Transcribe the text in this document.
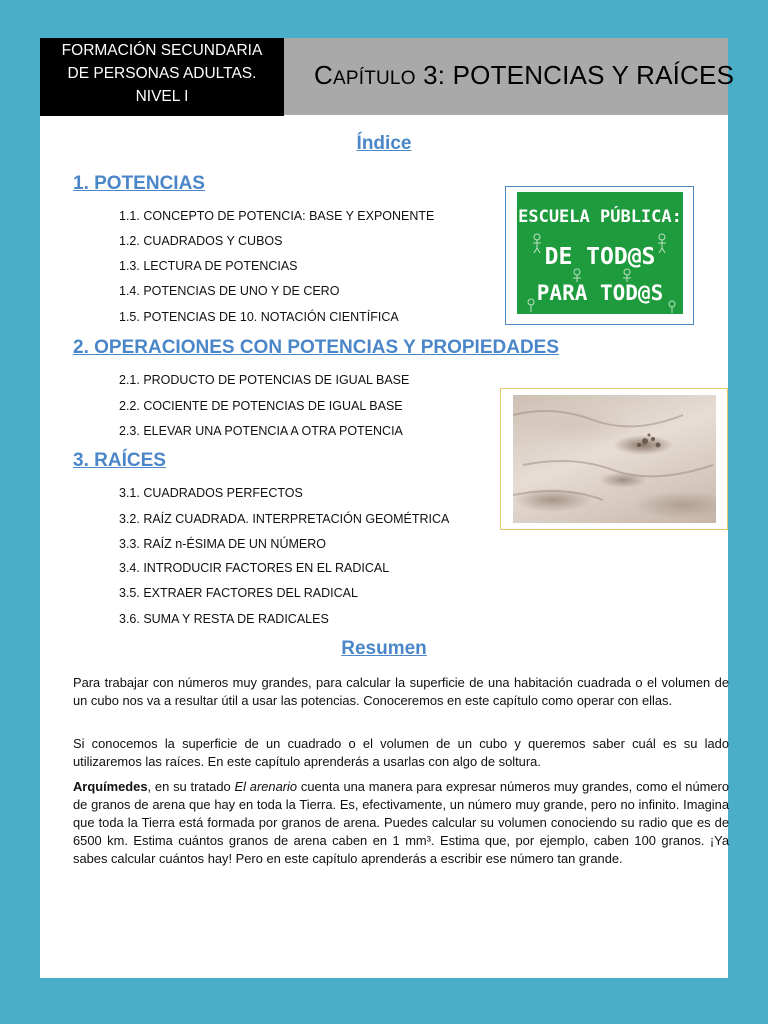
FORMACIÓN SECUNDARIA
DE PERSONAS ADULTAS.
NIVEL I
CAPÍTULO 3: POTENCIAS Y RAÍCES
Índice
1. POTENCIAS
1.1. CONCEPTO DE POTENCIA: BASE Y EXPONENTE
1.2. CUADRADOS Y CUBOS
1.3. LECTURA DE POTENCIAS
1.4. POTENCIAS DE UNO Y DE CERO
1.5. POTENCIAS DE 10. NOTACIÓN CIENTÍFICA
2. OPERACIONES CON POTENCIAS Y PROPIEDADES
2.1. PRODUCTO DE POTENCIAS DE IGUAL BASE
2.2. COCIENTE DE POTENCIAS DE IGUAL BASE
2.3. ELEVAR UNA POTENCIA A OTRA POTENCIA
3. RAÍCES
3.1. CUADRADOS PERFECTOS
3.2. RAÍZ CUADRADA. INTERPRETACIÓN GEOMÉTRICA
3.3. RAÍZ n-ÉSIMA DE UN NÚMERO
3.4. INTRODUCIR FACTORES EN EL RADICAL
3.5. EXTRAER FACTORES DEL RADICAL
3.6. SUMA Y RESTA DE RADICALES
ESCUELA PÚBLICA:
DE TOD@S
PARA TOD@S
Resumen
Para trabajar con números muy grandes, para calcular la superficie de una habitación cuadrada o el volumen de un cubo nos va a resultar útil a usar las potencias. Conoceremos en este capítulo como operar con ellas.
Si conocemos la superficie de un cuadrado o el volumen de un cubo y queremos saber cuál es su lado utilizaremos las raíces. En este capítulo aprenderás a usarlas con algo de soltura.
Arquímedes, en su tratado El arenario cuenta una manera para expresar números muy grandes, como el número de granos de arena que hay en toda la Tierra. Es, efectivamente, un número muy grande, pero no infinito. Imagina que toda la Tierra está formada por granos de arena. Puedes calcular su volumen conociendo su radio que es de 6500 km. Estima cuántos granos de arena caben en 1 mm³. Estima que, por ejemplo, caben 100 granos. ¡Ya sabes calcular cuántos hay! Pero en este capítulo aprenderás a escribir ese número tan grande.
